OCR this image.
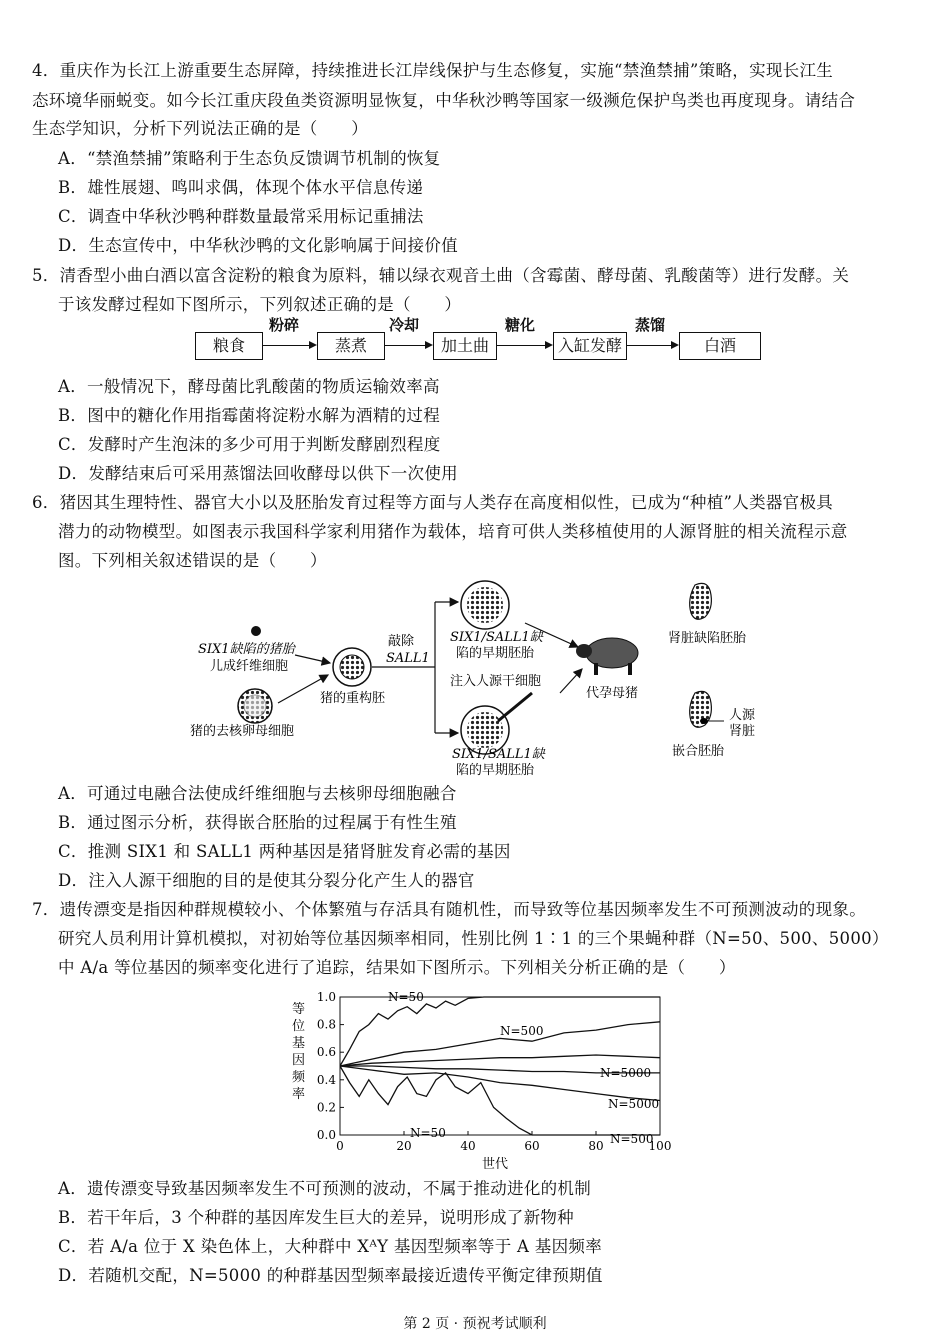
4．重庆作为长江上游重要生态屏障，持续推进长江岸线保护与生态修复，实施“禁渔禁捕”策略，实现长江生
态环境华丽蜕变。如今长江重庆段鱼类资源明显恢复，中华秋沙鸭等国家一级濒危保护鸟类也再度现身。请结合
生态学知识，分析下列说法正确的是（　　）
A．“禁渔禁捕”策略利于生态负反馈调节机制的恢复
B．雄性展翅、鸣叫求偶，体现个体水平信息传递
C．调查中华秋沙鸭种群数量最常采用标记重捕法
D．生态宣传中，中华秋沙鸭的文化影响属于间接价值
5．清香型小曲白酒以富含淀粉的粮食为原料，辅以绿衣观音土曲（含霉菌、酵母菌、乳酸菌等）进行发酵。关
于该发酵过程如下图所示，下列叙述正确的是（　　）
粮食
粉碎
蒸煮
冷却
加土曲
糖化
入缸发酵
蒸馏
白酒
A．一般情况下，酵母菌比乳酸菌的物质运输效率高
B．图中的糖化作用指霉菌将淀粉水解为酒精的过程
C．发酵时产生泡沫的多少可用于判断发酵剧烈程度
D．发酵结束后可采用蒸馏法回收酵母以供下一次使用
6．猪因其生理特性、器官大小以及胚胎发育过程等方面与人类存在高度相似性，已成为“种植”人类器官极具
潜力的动物模型。如图表示我国科学家利用猪作为载体，培育可供人类移植使用的人源肾脏的相关流程示意
图。下列相关叙述错误的是（　　）
SIX1缺陷的猪胎
儿成纤维细胞
猪的去核卵母细胞
猪的重构胚
敲除
SALL1
SIX1/SALL1缺
陷的早期胚胎
注入人源干细胞
SIX1/SALL1缺
陷的早期胚胎
代孕母猪
肾脏缺陷胚胎
人源
肾脏
嵌合胚胎
A．可通过电融合法使成纤维细胞与去核卵母细胞融合
B．通过图示分析，获得嵌合胚胎的过程属于有性生殖
C．推测 SIX1 和 SALL1 两种基因是猪肾脏发育必需的基因
D．注入人源干细胞的目的是使其分裂分化产生人的器官
7．遗传漂变是指因种群规模较小、个体繁殖与存活具有随机性，而导致等位基因频率发生不可预测波动的现象。
研究人员利用计算机模拟，对初始等位基因频率相同，性别比例 1∶1 的三个果蝇种群（N=50、500、5000）
中 A/a 等位基因的频率变化进行了追踪，结果如下图所示。下列相关分析正确的是（　　）
0.0
0.2
0.4
0.6
0.8
1.0
0	20	40	60	80	100
N=50
N=500
N=5000
N=5000
N=500
N=50
等位基因频率
世代
A．遗传漂变导致基因频率发生不可预测的波动，不属于推动进化的机制
B．若干年后，3 个种群的基因库发生巨大的差异，说明形成了新物种
C．若 A/a 位于 X 染色体上，大种群中 XᴬY 基因型频率等于 A 基因频率
D．若随机交配，N=5000 的种群基因型频率最接近遗传平衡定律预期值
第 2 页 · 预祝考试顺利
